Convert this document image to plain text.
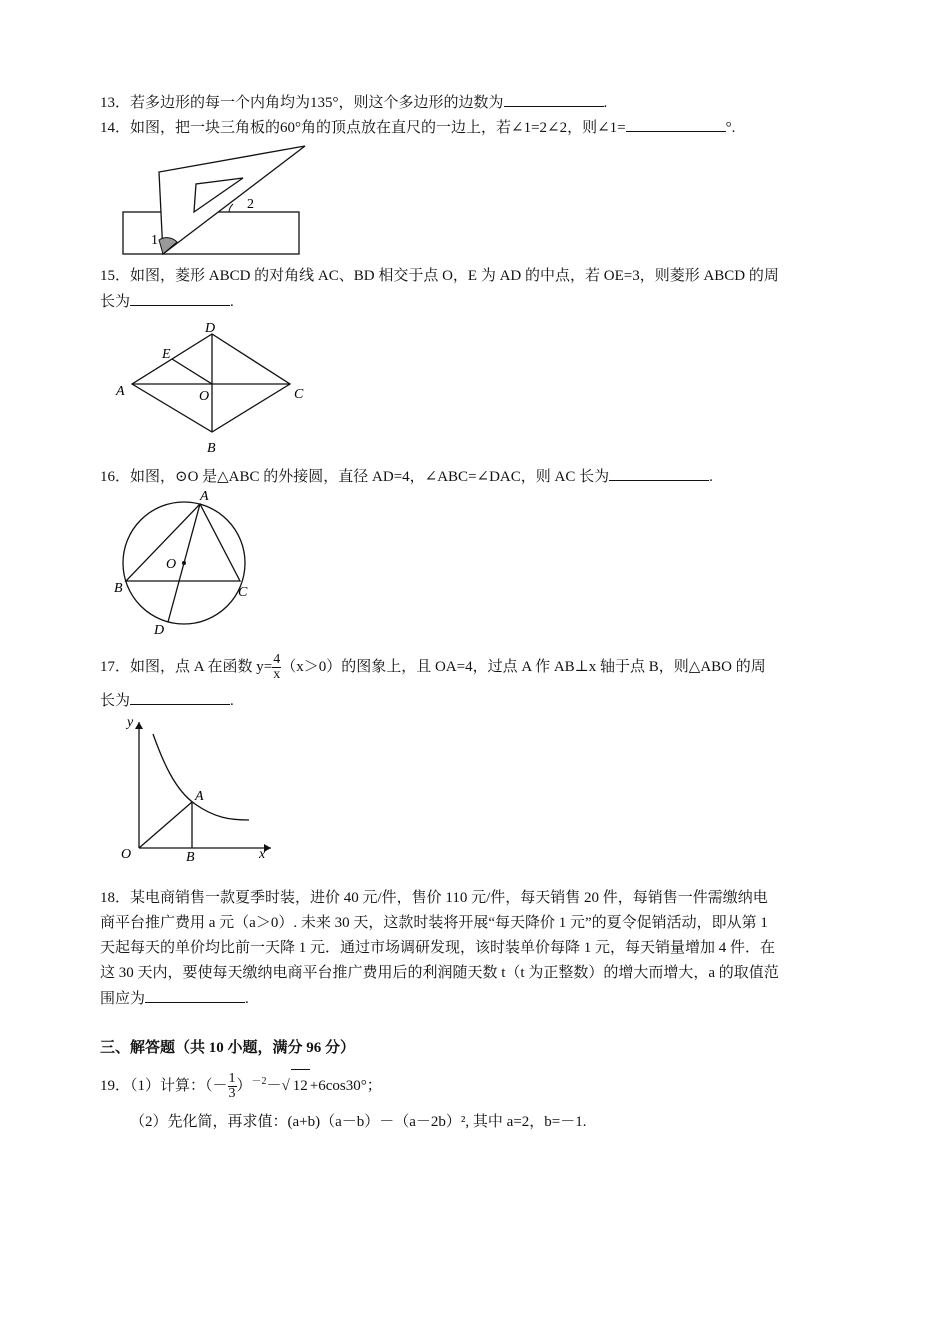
13．若多边形的每一个内角均为135°，则这个多边形的边数为	.
14．如图，把一块三角板的60°角的顶点放在直尺的一边上，若∠1=2∠2，则∠1=	°.
1
2
15．如图，菱形 ABCD 的对角线 AC、BD 相交于点 O，E 为 AD 的中点，若 OE=3，则菱形 ABCD 的周
长为	.
A
B
C
D
E
O
16．如图，⊙O 是△ABC 的外接圆，直径 AD=4，∠ABC=∠DAC，则 AC 长为	.
A
B	C
D
O
17．如图，点 A 在函数 $y= \frac{4}{x} (x>0)$的图象上，且 OA=4，过点 A 作 AB⊥x 轴于点 B，则△ABO 的周
长为	.
y
x
O
A
B
18．某电商销售一款夏季时装，进价 40 元/件，售价 110 元/件，每天销售 20 件，每销售一件需缴纳电
商平台推广费用 a 元（a＞0）. 未来 30 天，这款时装将开展“每天降价 1 元”的夏令促销活动，即从第 1
天起每天的单价均比前一天降 1 元．通过市场调研发现，该时装单价每降 1 元，每天销量增加 4 件．在
这 30 天内，要使每天缴纳电商平台推广费用后的利润随天数 t（t 为正整数）的增大而增大，a 的取值范
围应为	.
三、解答题（共 10 小题，满分 96 分）
19．（1）计算：（－ $\frac{1}{3} )^{-2}-√$ 12 +6cos30°；
（2）先化简，再求值：(a+b)（a－b）－（a－2b）², 其中 a=2，b=－1.
